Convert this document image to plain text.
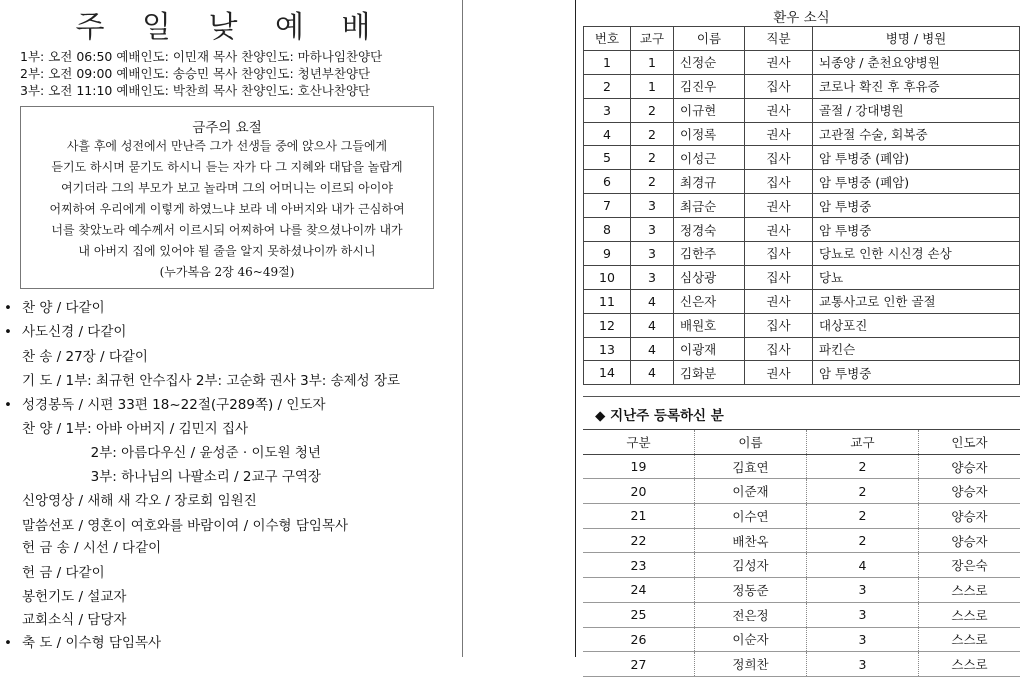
주 일 낮 예 배
1부: 오전 06:50 예배인도: 이민재 목사 찬양인도: 마하나임찬양단
2부: 오전 09:00 예배인도: 송승민 목사 찬양인도: 청년부찬양단
3부: 오전 11:10 예배인도: 박찬희 목사 찬양인도: 호산나찬양단
금주의 요절
사흘 후에 성전에서 만난즉 그가 선생들 중에 앉으사 그들에게
듣기도 하시며 묻기도 하시니 듣는 자가 다 그 지혜와 대답을 놀랍게
여기더라 그의 부모가 보고 놀라며 그의 어머니는 이르되 아이야
어찌하여 우리에게 이렇게 하였느냐 보라 네 아버지와 내가 근심하여
너를 찾았노라 예수께서 이르시되 어찌하여 나를 찾으셨나이까 내가
내 아버지 집에 있어야 될 줄을 알지 못하셨나이까 하시니
(누가복음 2장 46~49절)
• 찬 양 / 다같이
• 사도신경 / 다같이
찬 송 / 27장 / 다같이
기 도 / 1부: 최규헌 안수집사 2부: 고순화 권사 3부: 송제성 장로
• 성경봉독 / 시편 33편 18~22절(구289쪽) / 인도자
찬 양 / 1부: 아바 아버지 / 김민지 집사
2부: 아름다우신 / 윤성준 · 이도원 청년
3부: 하나님의 나팔소리 / 2교구 구역장
신앙영상 / 새해 새 각오 / 장로회 임원진
말씀선포 / 영혼이 여호와를 바람이여 / 이수형 담임목사
헌 금 송 / 시선 / 다같이
헌 금 / 다같이
봉헌기도 / 설교자
교회소식 / 담당자
• 축 도 / 이수형 담임목사
환우 소식
번호	교구	이름	직분	병명 / 병원
1	1	신정순	권사	뇌종양 / 춘천요양병원
2	1	김진우	집사	코로나 확진 후 후유증
3	2	이규현	권사	골절 / 강대병원
4	2	이정록	권사	고관절 수술, 회복중
5	2	이성근	집사	암 투병중 (폐암)
6	2	최경규	집사	암 투병중 (폐암)
7	3	최금순	권사	암 투병중
8	3	정경숙	권사	암 투병중
9	3	김한주	집사	당뇨로 인한 시신경 손상
10	3	심상광	집사	당뇨
11	4	신은자	권사	교통사고로 인한 골절
12	4	배원호	집사	대상포진
13	4	이광재	집사	파킨슨
14	4	김화분	권사	암 투병중
◆ 지난주 등록하신 분
구분	이름	교구	인도자
19	김효연	2	양승자
20	이준재	2	양승자
21	이수연	2	양승자
22	배찬옥	2	양승자
23	김성자	4	장은숙
24	정동준	3	스스로
25	전은정	3	스스로
26	이순자	3	스스로
27	정희찬	3	스스로
